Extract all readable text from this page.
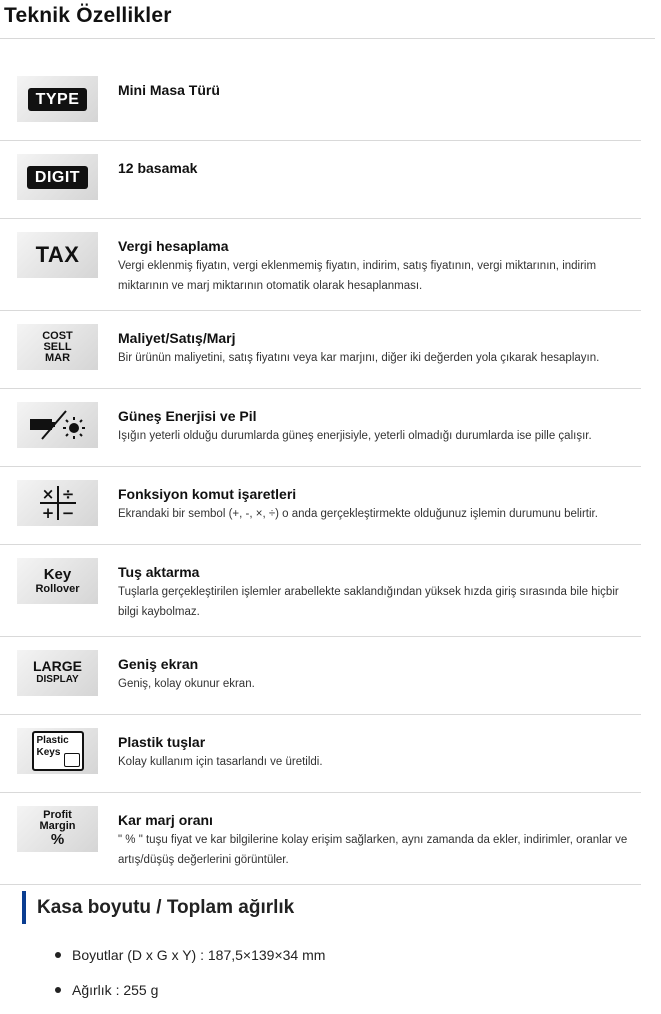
Teknik Özellikler
TYPE
Mini Masa Türü
DIGIT
12 basamak
TAX	Vergi hesaplama
Vergi eklenmiş fiyatın, vergi eklenmemiş fiyatın, indirim, satış fiyatının, vergi miktarının, indirim miktarının ve marj miktarının otomatik olarak hesaplanması.
COST
SELL
MAR
Maliyet/Satış/Marj
Bir ürünün maliyetini, satış fiyatını veya kar marjını, diğer iki değerden yola çıkarak hesaplayın.
Güneş Enerjisi ve Pil
Işığın yeterli olduğu durumlarda güneş enerjisiyle, yeterli olmadığı durumlarda ise pille çalışır.
× ÷
+ −
Fonksiyon komut işaretleri
Ekrandaki bir sembol (+, -, ×, ÷) o anda gerçekleştirmekte olduğunuz işlemin durumunu belirtir.
Key
Rollover
Tuş aktarma
Tuşlarla gerçekleştirilen işlemler arabellekte saklandığından yüksek hızda giriş sırasında bile hiçbir bilgi kaybolmaz.
LARGE
DISPLAY
Geniş ekran
Geniş, kolay okunur ekran.
Plastic
Keys
Plastik tuşlar
Kolay kullanım için tasarlandı ve üretildi.
Profit
Margin
%
Kar marj oranı
" % " tuşu fiyat ve kar bilgilerine kolay erişim sağlarken, aynı zamanda da ekler, indirimler, oranlar ve artış/düşüş değerlerini görüntüler.
Kasa boyutu / Toplam ağırlık
Boyutlar (D x G x Y) : 187,5×139×34 mm
Ağırlık : 255 g
